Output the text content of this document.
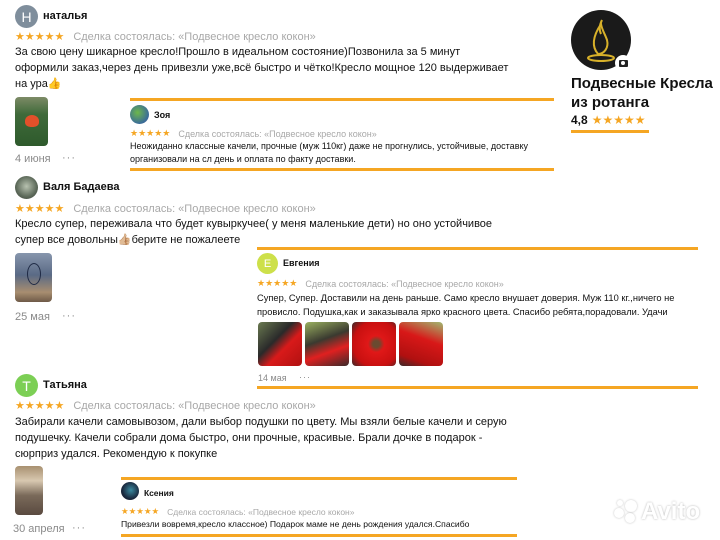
Подвесные Кресла
из ротанга
4,8 ★★★★★
Н наталья
★★★★★ Сделка состоялась: «Подвесное кресло кокон»
За свою цену шикарное кресло!Прошло в идеальном состояние)Позвонила за 5 минут
оформили заказ,через день привезли уже,всё быстро и чётко!Кресло мощное 120 выдерживает
на ура👍
4 июня ···
Зоя
★★★★★ Сделка состоялась: «Подвесное кресло кокон»
Неожиданно классные качели, прочные (муж 110кг) даже не прогнулись, устойчивые, доставку
организовали на сл день и оплата по факту доставки.
Валя Бадаева
★★★★★ Сделка состоялась: «Подвесное кресло кокон»
Кресло супер, переживала что будет кувыркучее( у меня маленькие дети) но оно устойчивое
супер все довольны👍🏼берите не пожалеете
25 мая ···
Е Евгения
★★★★★ Сделка состоялась: «Подвесное кресло кокон»
Супер, Супер. Доставили на день раньше. Само кресло внушает доверия. Муж 110 кг.,ничего не
провисло. Подушка,как и заказывала ярко красного цвета. Спасибо ребята,порадовали. Удачи
14 мая ···
Т Татьяна
★★★★★ Сделка состоялась: «Подвесное кресло кокон»
Забирали качели самовывозом, дали выбор подушки по цвету. Мы взяли белые качели и серую
подушечку. Качели собрали дома быстро, они прочные, красивые. Брали дочке в подарок -
сюрприз удался. Рекомендую к покупке
30 апреля ···
Ксения
★★★★★ Сделка состоялась: «Подвесное кресло кокон»
Привезли вовремя,кресло классное) Подарок маме не день рождения удался.Спасибо	Avito
